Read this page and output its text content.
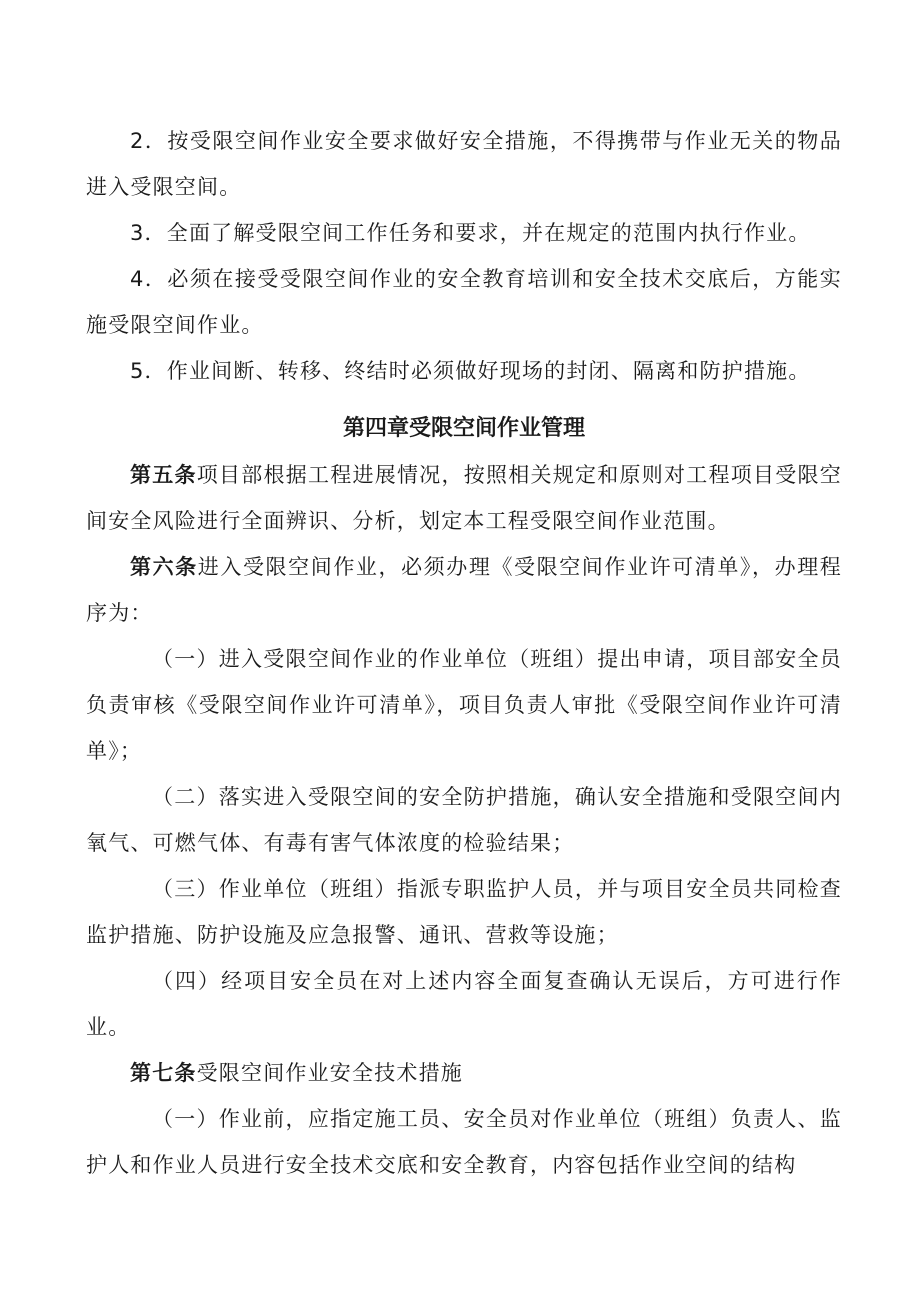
2．按受限空间作业安全要求做好安全措施，不得携带与作业无关的物品进入受限空间。

3．全面了解受限空间工作任务和要求，并在规定的范围内执行作业。

4．必须在接受受限空间作业的安全教育培训和安全技术交底后，方能实施受限空间作业。

5．作业间断、转移、终结时必须做好现场的封闭、隔离和防护措施。

第四章受限空间作业管理

第五条项目部根据工程进展情况，按照相关规定和原则对工程项目受限空间安全风险进行全面辨识、分析，划定本工程受限空间作业范围。

第六条进入受限空间作业，必须办理《受限空间作业许可清单》，办理程序为：

（一）进入受限空间作业的作业单位（班组）提出申请，项目部安全员负责审核《受限空间作业许可清单》，项目负责人审批《受限空间作业许可清单》；

（二）落实进入受限空间的安全防护措施，确认安全措施和受限空间内氧气、可燃气体、有毒有害气体浓度的检验结果；

（三）作业单位（班组）指派专职监护人员，并与项目安全员共同检查监护措施、防护设施及应急报警、通讯、营救等设施；

（四）经项目安全员在对上述内容全面复查确认无误后，方可进行作业。

第七条受限空间作业安全技术措施

（一）作业前，应指定施工员、安全员对作业单位（班组）负责人、监护人和作业人员进行安全技术交底和安全教育，内容包括作业空间的结构
